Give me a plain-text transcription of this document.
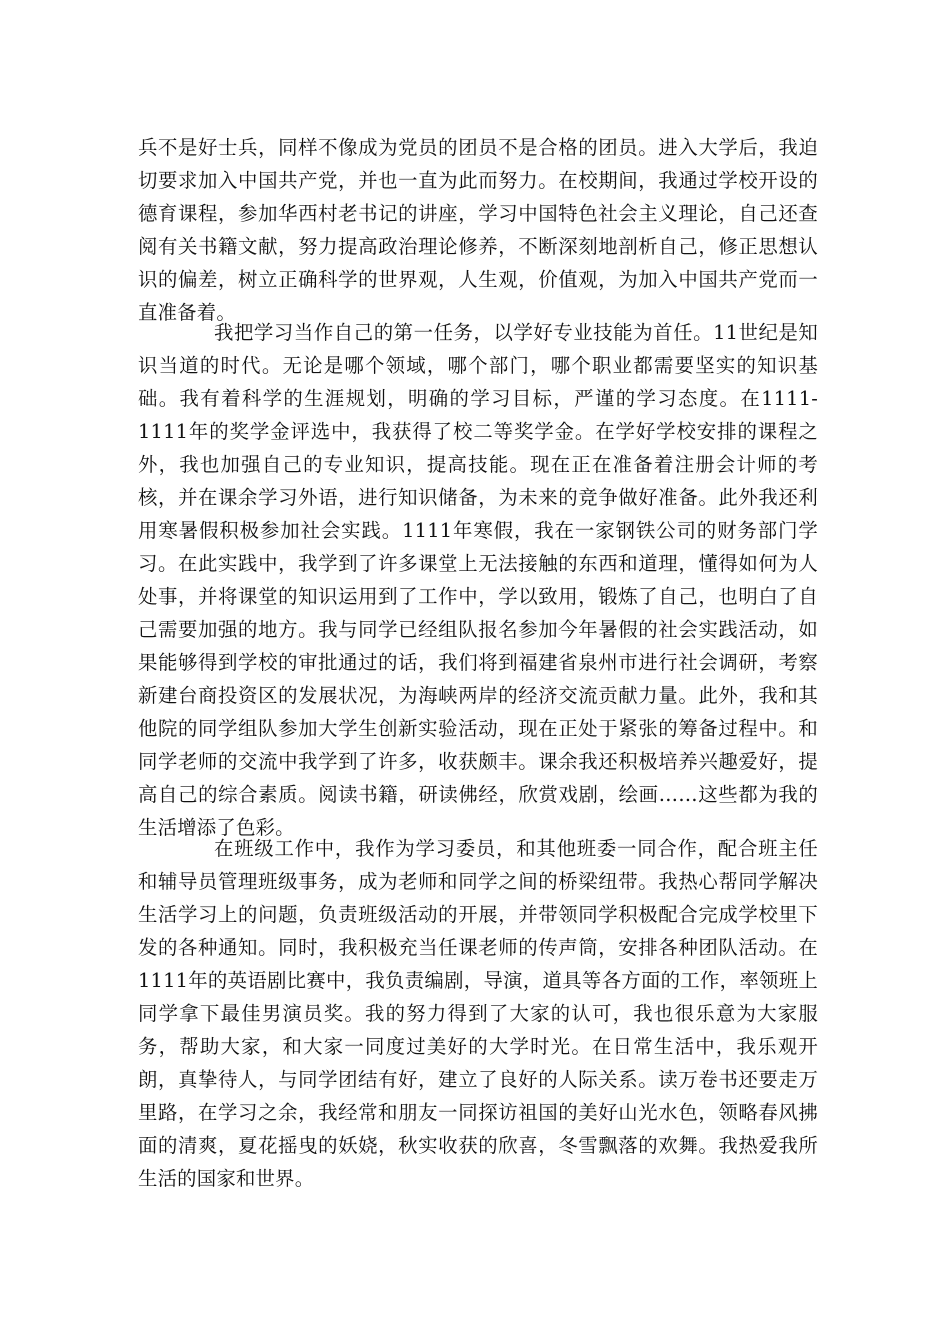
兵不是好士兵，同样不像成为党员的团员不是合格的团员。进入大学后，我迫切要求加入中国共产党，并也一直为此而努力。在校期间，我通过学校开设的德育课程，参加华西村老书记的讲座，学习中国特色社会主义理论，自己还查阅有关书籍文献，努力提高政治理论修养，不断深刻地剖析自己，修正思想认识的偏差，树立正确科学的世界观，人生观，价值观，为加入中国共产党而一直准备着。

我把学习当作自己的第一任务，以学好专业技能为首任。11世纪是知识当道的时代。无论是哪个领域，哪个部门，哪个职业都需要坚实的知识基础。我有着科学的生涯规划，明确的学习目标，严谨的学习态度。在1111-1111年的奖学金评选中，我获得了校二等奖学金。在学好学校安排的课程之外，我也加强自己的专业知识，提高技能。现在正在准备着注册会计师的考核，并在课余学习外语，进行知识储备，为未来的竞争做好准备。此外我还利用寒暑假积极参加社会实践。1111年寒假，我在一家钢铁公司的财务部门学习。在此实践中，我学到了许多课堂上无法接触的东西和道理，懂得如何为人处事，并将课堂的知识运用到了工作中，学以致用，锻炼了自己，也明白了自己需要加强的地方。我与同学已经组队报名参加今年暑假的社会实践活动，如果能够得到学校的审批通过的话，我们将到福建省泉州市进行社会调研，考察新建台商投资区的发展状况，为海峡两岸的经济交流贡献力量。此外，我和其他院的同学组队参加大学生创新实验活动，现在正处于紧张的筹备过程中。和同学老师的交流中我学到了许多，收获颇丰。课余我还积极培养兴趣爱好，提高自己的综合素质。阅读书籍，研读佛经，欣赏戏剧，绘画……这些都为我的生活增添了色彩。

在班级工作中，我作为学习委员，和其他班委一同合作，配合班主任和辅导员管理班级事务，成为老师和同学之间的桥梁纽带。我热心帮同学解决生活学习上的问题，负责班级活动的开展，并带领同学积极配合完成学校里下发的各种通知。同时，我积极充当任课老师的传声筒，安排各种团队活动。在1111年的英语剧比赛中，我负责编剧，导演，道具等各方面的工作，率领班上同学拿下最佳男演员奖。我的努力得到了大家的认可，我也很乐意为大家服务，帮助大家，和大家一同度过美好的大学时光。在日常生活中，我乐观开朗，真挚待人，与同学团结有好，建立了良好的人际关系。读万卷书还要走万里路，在学习之余，我经常和朋友一同探访祖国的美好山光水色，领略春风拂面的清爽，夏花摇曳的妖娆，秋实收获的欣喜，冬雪飘落的欢舞。我热爱我所生活的国家和世界。
